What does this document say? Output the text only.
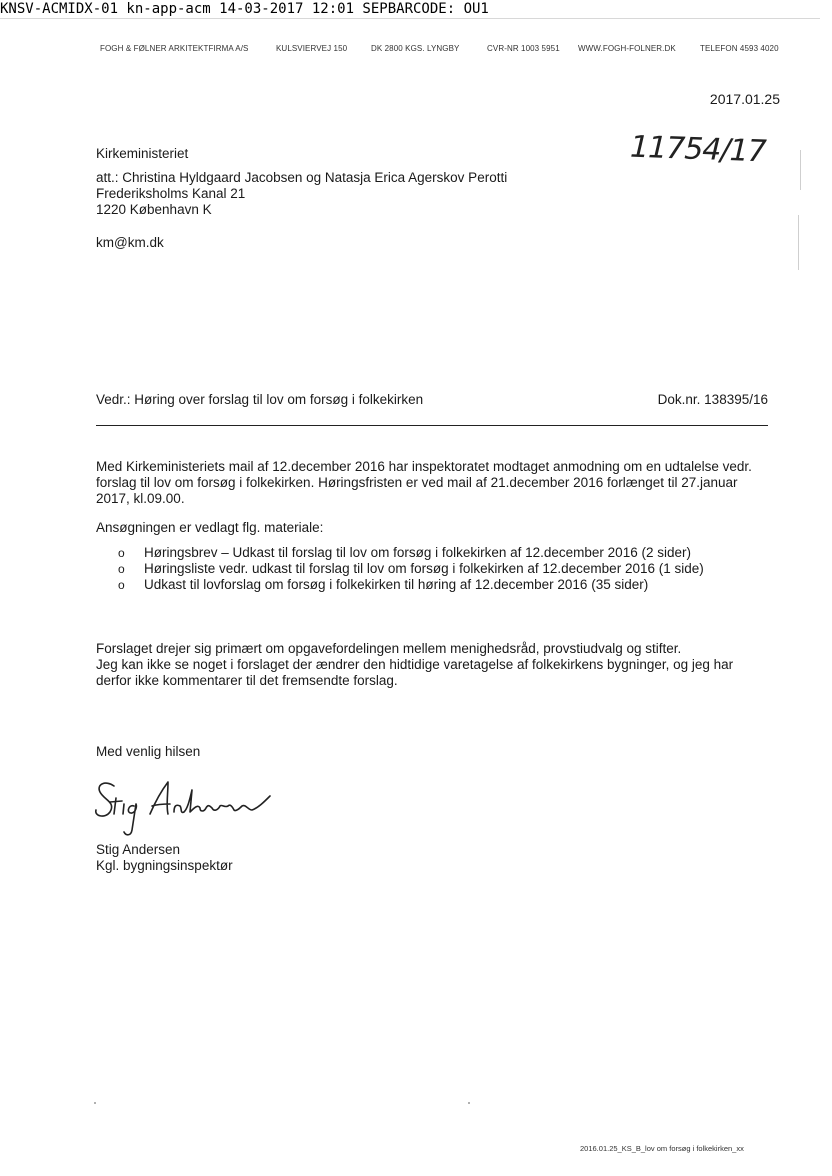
KNSV-ACMIDX-01 kn-app-acm 14-03-2017 12:01 SEPBARCODE: OU1
FOGH & FØLNER ARKITEKTFIRMA A/S	KULSVIERVEJ 150	DK 2800 KGS. LYNGBY	CVR-NR 1003 5951 WWW.FOGH-FOLNER.DK	TELEFON 4593 4020
2017.01.25
11754/17
Kirkeministeriet
att.: Christina Hyldgaard Jacobsen og Natasja Erica Agerskov Perotti
Frederiksholms Kanal 21
1220 København K
km@km.dk
Vedr.: Høring over forslag til lov om forsøg i folkekirken	Dok.nr. 138395/16
Med Kirkeministeriets mail af 12.december 2016 har inspektoratet modtaget anmodning om en udtalelse vedr.
forslag til lov om forsøg i folkekirken. Høringsfristen er ved mail af 21.december 2016 forlænget til 27.januar
2017, kl.09.00.
Ansøgningen er vedlagt flg. materiale:
o Høringsbrev – Udkast til forslag til lov om forsøg i folkekirken af 12.december 2016 (2 sider)
o Høringsliste vedr. udkast til forslag til lov om forsøg i folkekirken af 12.december 2016 (1 side)
o Udkast til lovforslag om forsøg i folkekirken til høring af 12.december 2016 (35 sider)
Forslaget drejer sig primært om opgavefordelingen mellem menighedsråd, provstiudvalg og stifter.
Jeg kan ikke se noget i forslaget der ændrer den hidtidige varetagelse af folkekirkens bygninger, og jeg har
derfor ikke kommentarer til det fremsendte forslag.
Med venlig hilsen
Stig Andersen
Kgl. bygningsinspektør
2016.01.25_KS_B_lov om forsøg i folkekirken_xx
